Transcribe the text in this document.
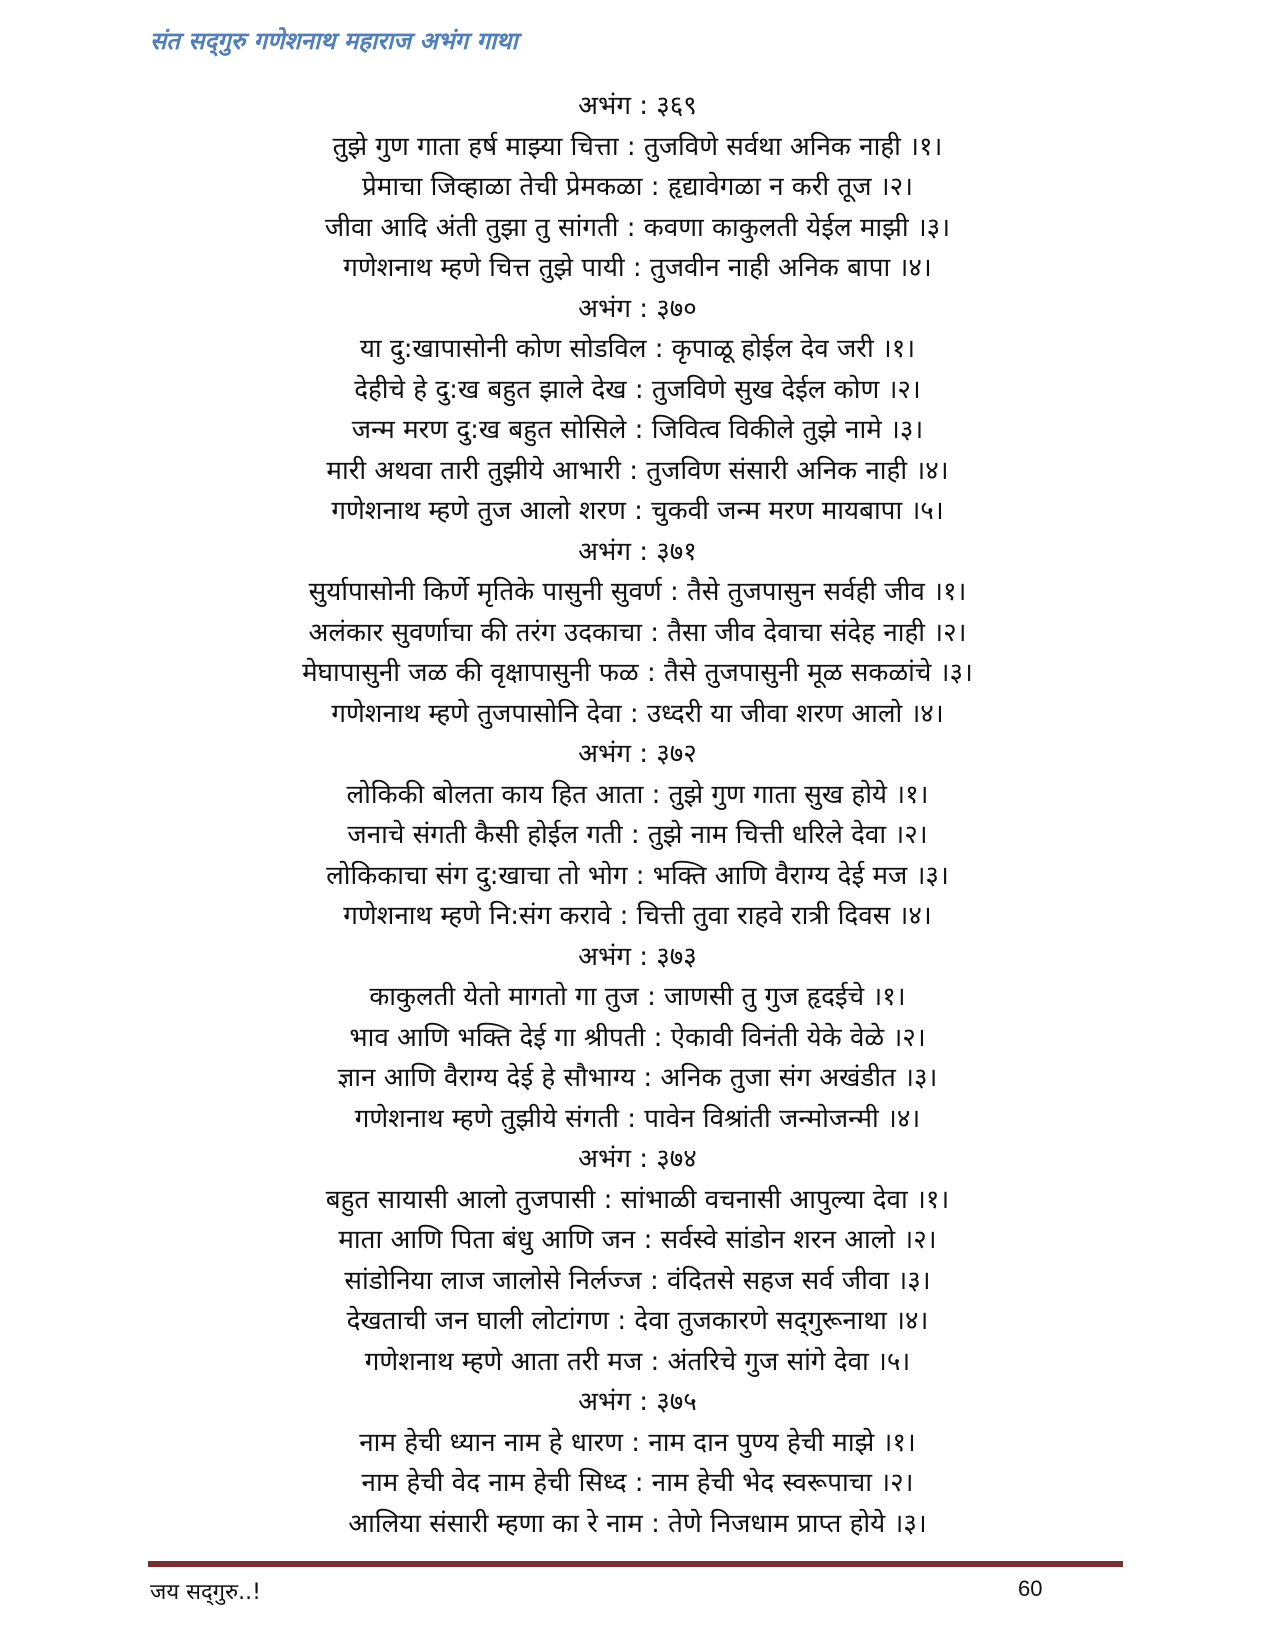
संत सद्‌गुरु गणेशनाथ महाराज अभंग गाथा
अभंग : ३६९
तुझे गुण गाता हर्ष माझ्या चित्ता : तुजविणे सर्वथा अनिक नाही ।१।
प्रेमाचा जिव्हाळा तेची प्रेमकळा : हृद्यावेगळा न करी तूज ।२।
जीवा आदि अंती तुझा तु सांगती : कवणा काकुलती येईल माझी ।३।
गणेशनाथ म्हणे चित्त तुझे पायी : तुजवीन नाही अनिक बापा ।४।
अभंग : ३७०
या दु:खापासोनी कोण सोडविल : कृपाळू होईल देव जरी ।१।
देहीचे हे दु:ख बहुत झाले देख : तुजविणे सुख देईल कोण ।२।
जन्म मरण दु:ख बहुत सोसिले : जिवित्व विकीले तुझे नामे ।३।
मारी अथवा तारी तुझीये आभारी : तुजविण संसारी अनिक नाही ।४।
गणेशनाथ म्हणे तुज आलो शरण : चुकवी जन्म मरण मायबापा ।५।
अभंग : ३७१
सुर्यापासोनी किर्णे मृतिके पासुनी सुवर्ण : तैसे तुजपासुन सर्वही जीव ।१।
अलंकार सुवर्णाचा की तरंग उदकाचा : तैसा जीव देवाचा संदेह नाही ।२।
मेघापासुनी जळ की वृक्षापासुनी फळ : तैसे तुजपासुनी मूळ सकळांचे ।३।
गणेशनाथ म्हणे तुजपासोनि देवा : उध्दरी या जीवा शरण आलो ।४।
अभंग : ३७२
लोकिकी बोलता काय हित आता : तुझे गुण गाता सुख होये ।१।
जनाचे संगती कैसी होईल गती : तुझे नाम चित्ती धरिले देवा ।२।
लोकिकाचा संग दु:खाचा तो भोग : भक्ति आणि वैराग्य देई मज ।३।
गणेशनाथ म्हणे नि:संग करावे : चित्ती तुवा राहवे रात्री दिवस ।४।
अभंग : ३७३
काकुलती येतो मागतो गा तुज : जाणसी तु गुज हृदईचे ।१।
भाव आणि भक्ति देई गा श्रीपती : ऐकावी विनंती येके वेळे ।२।
ज्ञान आणि वैराग्य देई हे सौभाग्य : अनिक तुजा संग अखंडीत ।३।
गणेशनाथ म्हणे तुझीये संगती : पावेन विश्रांती जन्मोजन्मी ।४।
अभंग : ३७४
बहुत सायासी आलो तुजपासी : सांभाळी वचनासी आपुल्या देवा ।१।
माता आणि पिता बंधु आणि जन : सर्वस्वे सांडोन शरन आलो ।२।
सांडोनिया लाज जालोसे निर्लज्ज : वंदितसे सहज सर्व जीवा ।३।
देखताची जन घाली लोटांगण : देवा तुजकारणे सद्‌गुरूनाथा ।४।
गणेशनाथ म्हणे आता तरी मज : अंतरिचे गुज सांगे देवा ।५।
अभंग : ३७५
नाम हेची ध्यान नाम हे धारण : नाम दान पुण्य हेची माझे ।१।
नाम हेची वेद नाम हेची सिध्द : नाम हेची भेद स्वरूपाचा ।२।
आलिया संसारी म्हणा का रे नाम : तेणे निजधाम प्राप्त होये ।३।
जय सद्‌गुरु..!	60
